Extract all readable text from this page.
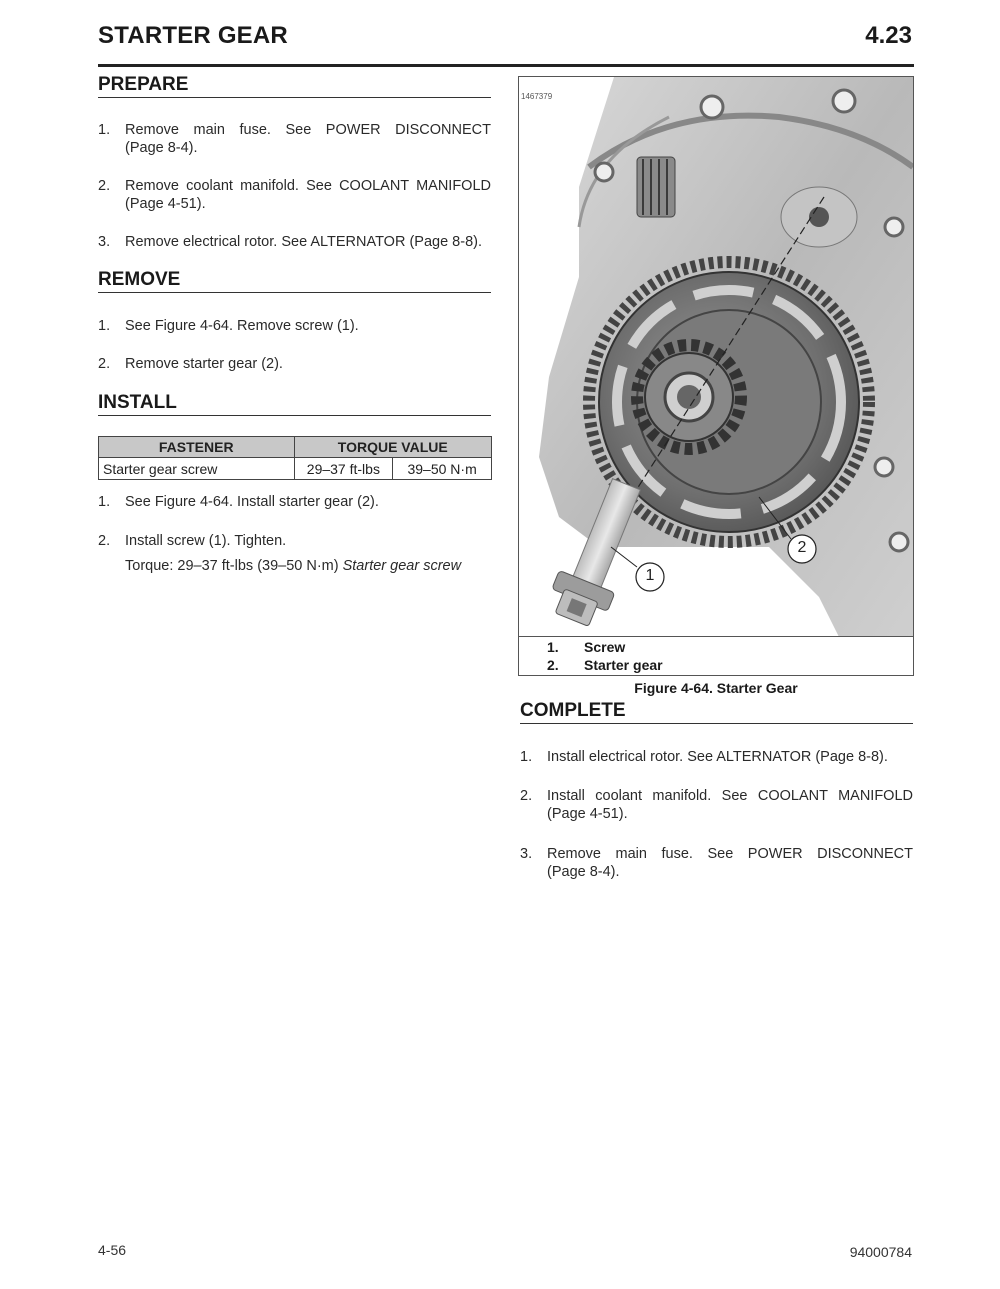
STARTER GEAR	4.23
PREPARE
1. Remove main fuse. See POWER DISCONNECT
(Page 8-4).
2. Remove coolant manifold. See COOLANT MANIFOLD
(Page 4-51).
3. Remove electrical rotor. See ALTERNATOR (Page 8-8).
REMOVE
1. See Figure 4-64. Remove screw (1).
2. Remove starter gear (2).
INSTALL
FASTENER	TORQUE VALUE	
Starter gear screw	29–37 ft-lbs	39–50 N·m
1. See Figure 4-64. Install starter gear (2).
2. Install screw (1). Tighten.
Torque: 29–37 ft-lbs (39–50 N·m) Starter gear screw
1467379
1
2
1. Screw
2. Starter gear
Figure 4-64. Starter Gear
COMPLETE
1. Install electrical rotor. See ALTERNATOR (Page 8-8).
2. Install coolant manifold. See COOLANT MANIFOLD
(Page 4-51).
3. Remove main fuse. See POWER DISCONNECT
(Page 8-4).
4-56	94000784
